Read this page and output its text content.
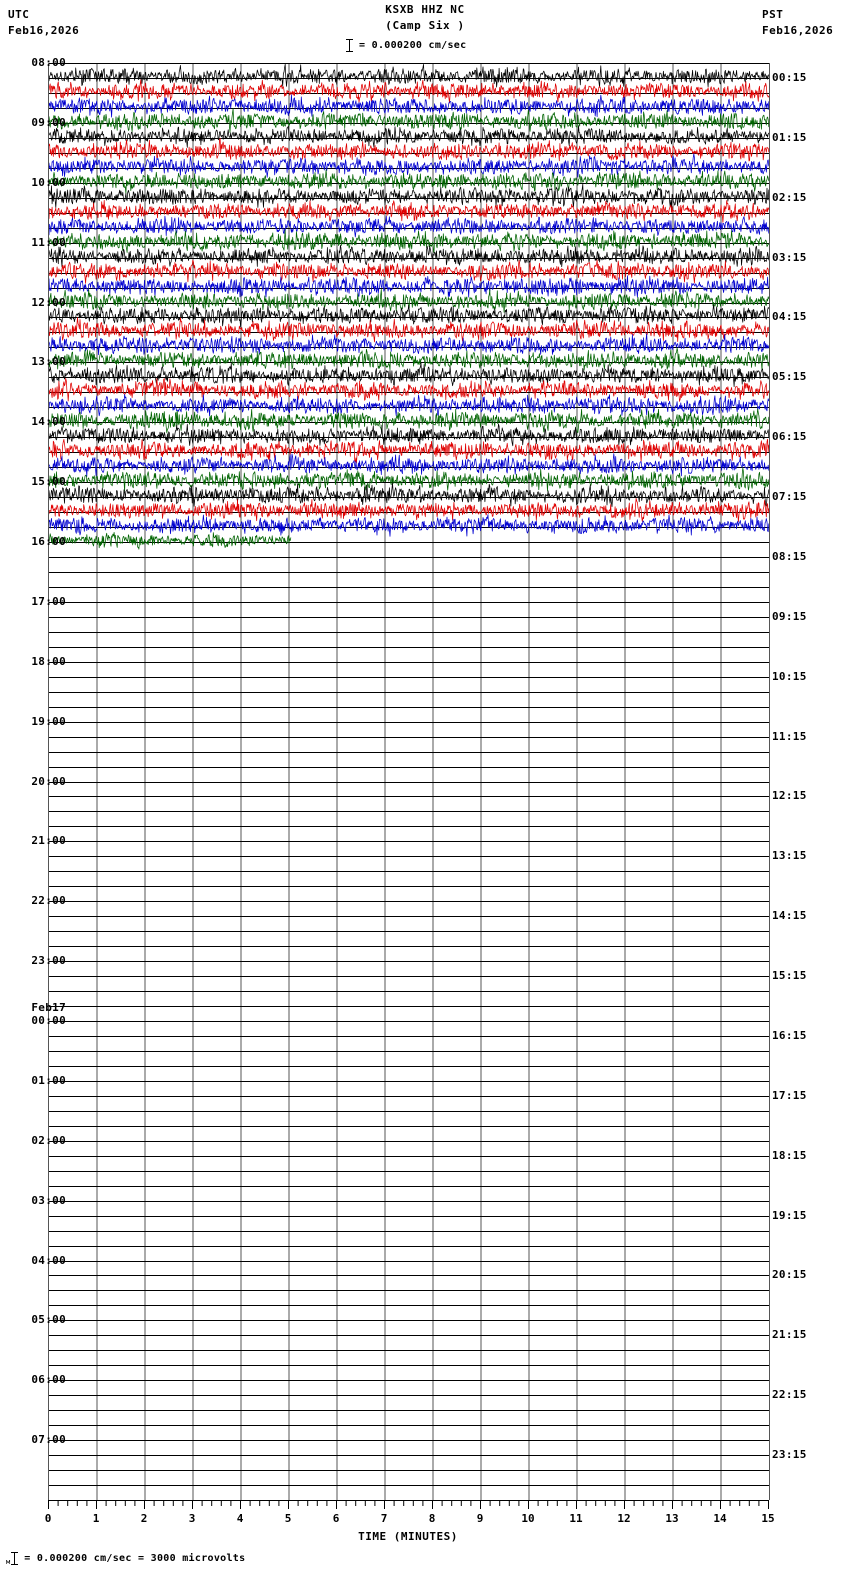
UTC
Feb16,2026
KSXB HHZ NC
(Camp Six )
PST
Feb16,2026
= 0.000200 cm/sec
08:00
09:00
10:00
11:00
12:00
13:00
14:00
15:00
16:00
17:00
18:00
19:00
20:00
21:00
22:00
23:00
00:00
01:00
02:00
03:00
04:00
05:00
06:00
07:00
Feb17
00:15
01:15
02:15
03:15
04:15
05:15
06:15
07:15
08:15
09:15
10:15
11:15
12:15
13:15
14:15
15:15
16:15
17:15
18:15
19:15
20:15
21:15
22:15
23:15
0	1	2	3	4	5	6	7	8	9	10	11	12	13	14	15
TIME (MINUTES)
м = 0.000200 cm/sec = 3000 microvolts
